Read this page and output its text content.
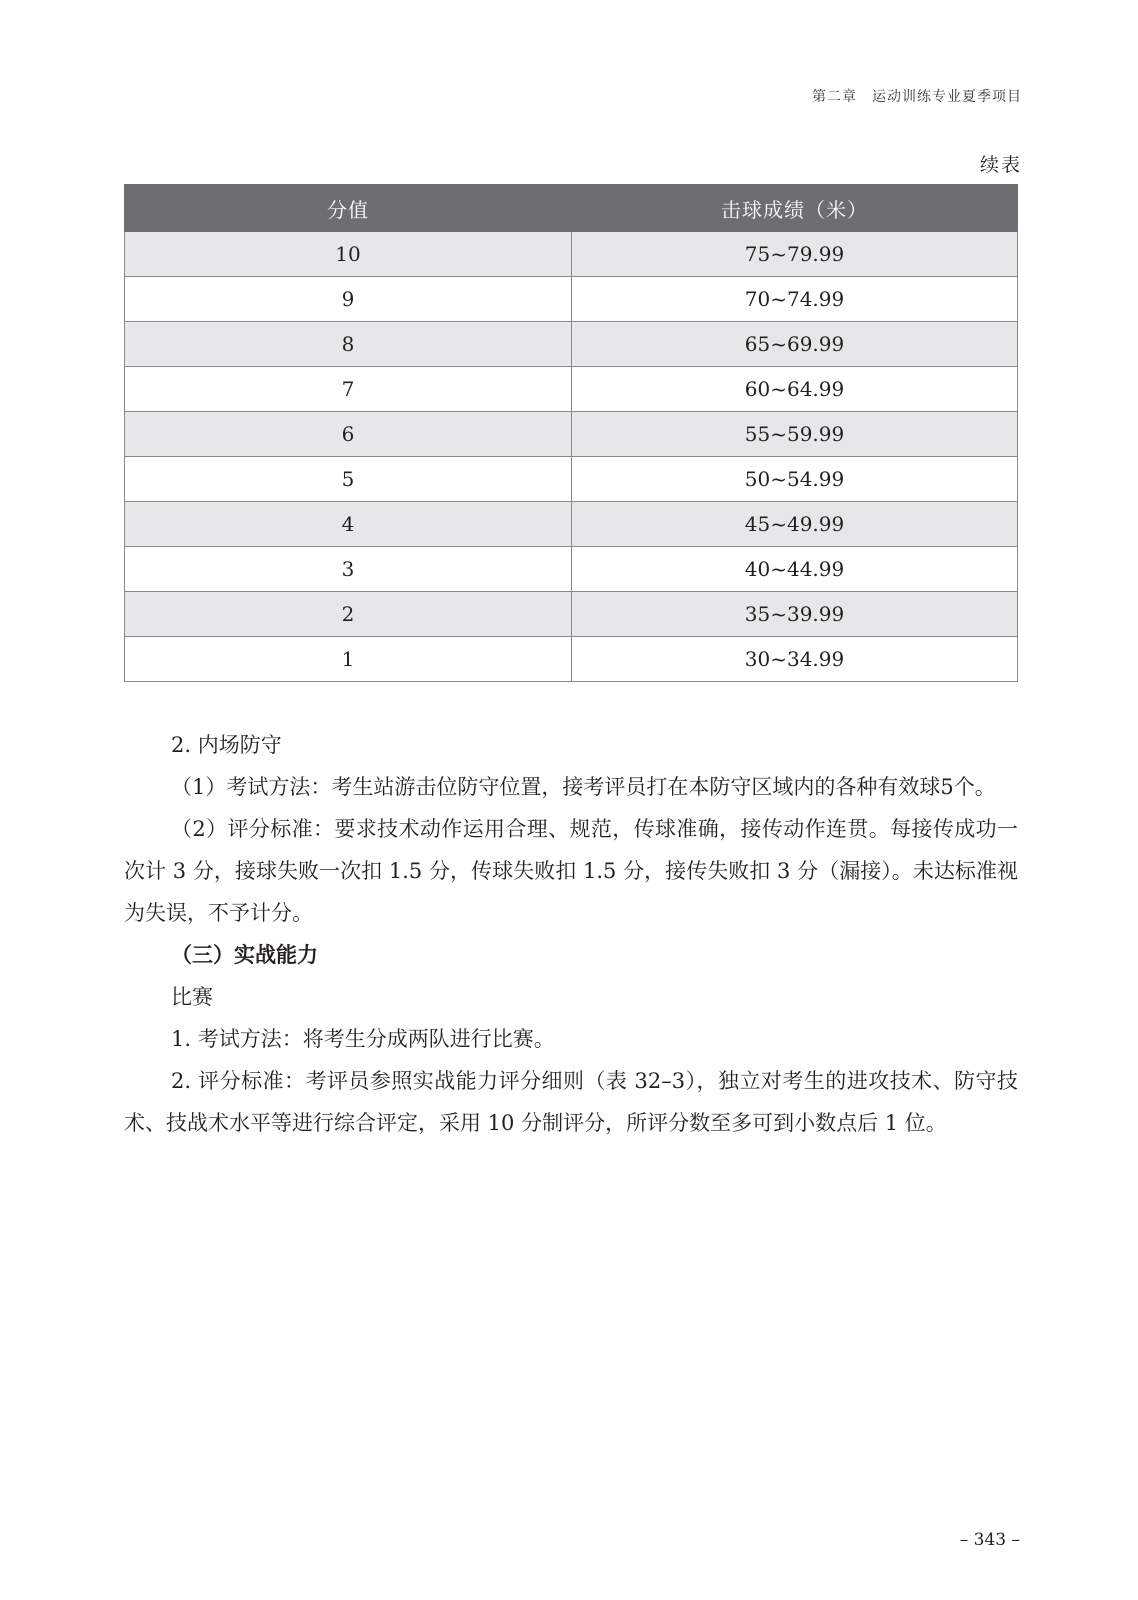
第二章　运动训练专业夏季项目
续表
分值	击球成绩（米）
10	75~79.99
9	70~74.99
8	65~69.99
7	60~64.99
6	55~59.99
5	50~54.99
4	45~49.99
3	40~44.99
2	35~39.99
1	30~34.99

2. 内场防守

（1）考试方法：考生站游击位防守位置，接考评员打在本防守区域内的各种有效球5个。

（2）评分标准：要求技术动作运用合理、规范，传球准确，接传动作连贯。每接传成功一次计 3 分，接球失败一次扣 1.5 分，传球失败扣 1.5 分，接传失败扣 3 分（漏接）。未达标准视为失误，不予计分。

（三）实战能力

比赛

1. 考试方法：将考生分成两队进行比赛。

2. 评分标准：考评员参照实战能力评分细则（表 32–3），独立对考生的进攻技术、防守技术、技战术水平等进行综合评定，采用 10 分制评分，所评分数至多可到小数点后 1 位。

– 343 –
